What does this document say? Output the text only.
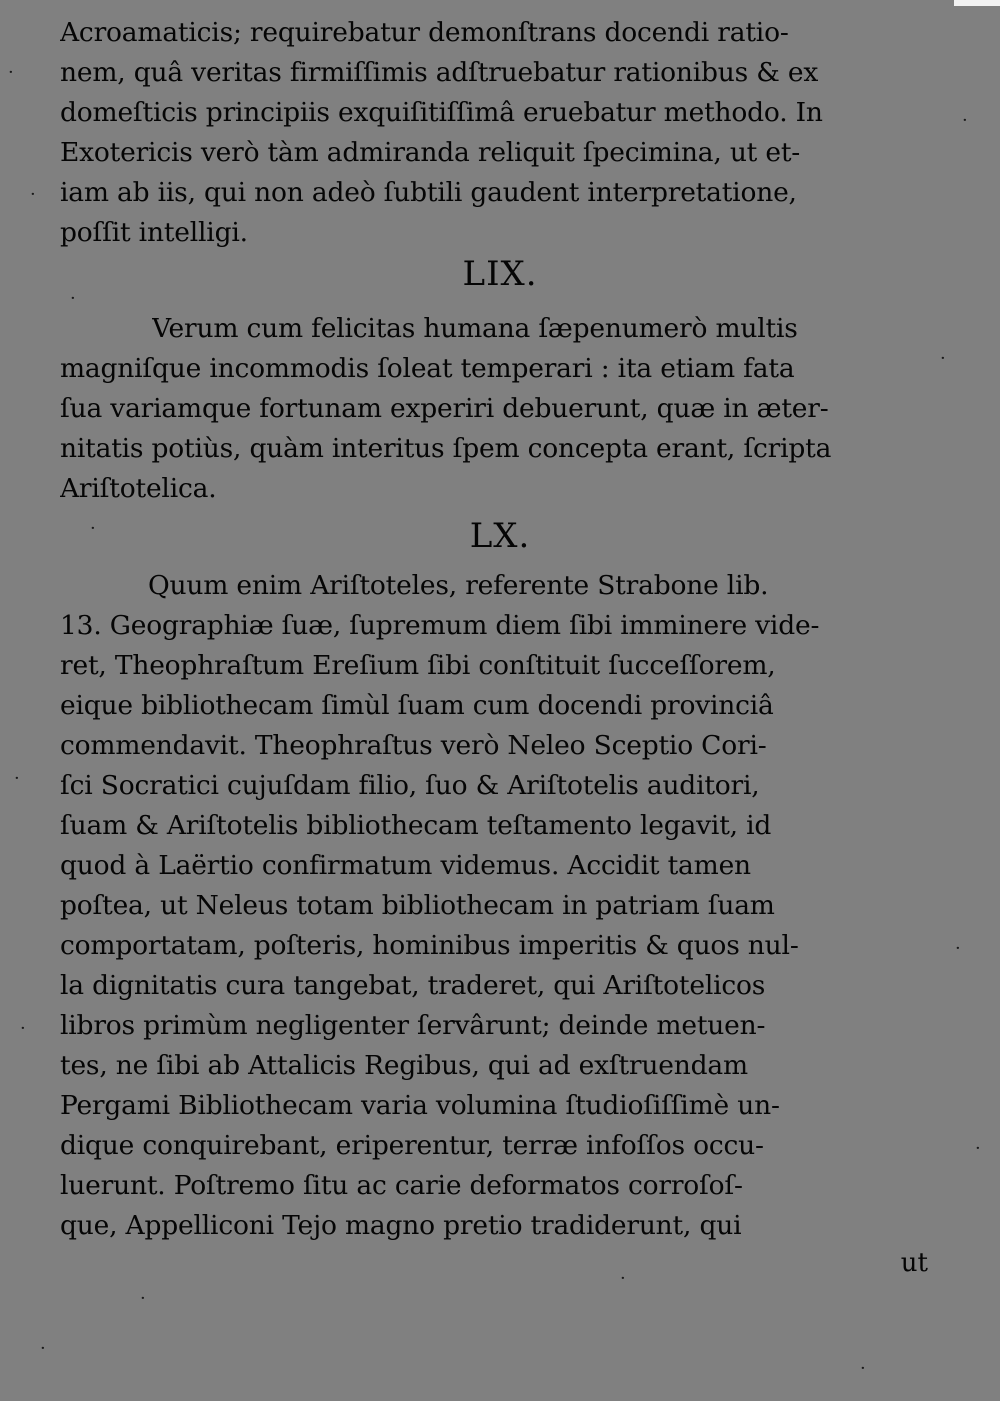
Acroamaticis; requirebatur demonſtrans docendi ratio-
nem, quâ veritas firmiſſimis adſtruebatur rationibus & ex
domeſticis principiis exquiſitiſſimâ eruebatur methodo. In
Exotericis verò tàm admiranda reliquit ſpecimina, ut et-
iam ab iis, qui non adeò ſubtili gaudent interpretatione,
poſſit intelligi.
LIX.
Verum cum felicitas humana ſæpenumerò multis
magniſque incommodis ſoleat temperari : ita etiam fata
ſua variamque fortunam experiri debuerunt, quæ in æter-
nitatis potiùs, quàm interitus ſpem concepta erant, ſcripta
Ariſtotelica.
LX.
Quum enim Ariſtoteles, referente Strabone lib.
13. Geographiæ ſuæ, ſupremum diem ſibi imminere vide-
ret, Theophraſtum Ereſium ſibi conſtituit ſucceſſorem,
eique bibliothecam ſimùl ſuam cum docendi provinciâ
commendavit. Theophraſtus verò Neleo Sceptio Cori-
ſci Socratici cujuſdam filio, ſuo & Ariſtotelis auditori,
ſuam & Ariſtotelis bibliothecam teſtamento legavit, id
quod à Laërtio confirmatum videmus. Accidit tamen
poſtea, ut Neleus totam bibliothecam in patriam ſuam
comportatam, poſteris, hominibus imperitis & quos nul-
la dignitatis cura tangebat, traderet, qui Ariſtotelicos
libros primùm negligenter ſervârunt; deinde metuen-
tes, ne ſibi ab Attalicis Regibus, qui ad exſtruendam
Pergami Bibliothecam varia volumina ſtudioſiſſimè un-
dique conquirebant, eriperentur, terræ infoſſos occu-
luerunt. Poſtremo ſitu ac carie deformatos corroſoſ-
que, Appelliconi Tejo magno pretio tradiderunt, qui
ut
·
·
·
·
·
·
·
·
·
·
·
·
·
·
